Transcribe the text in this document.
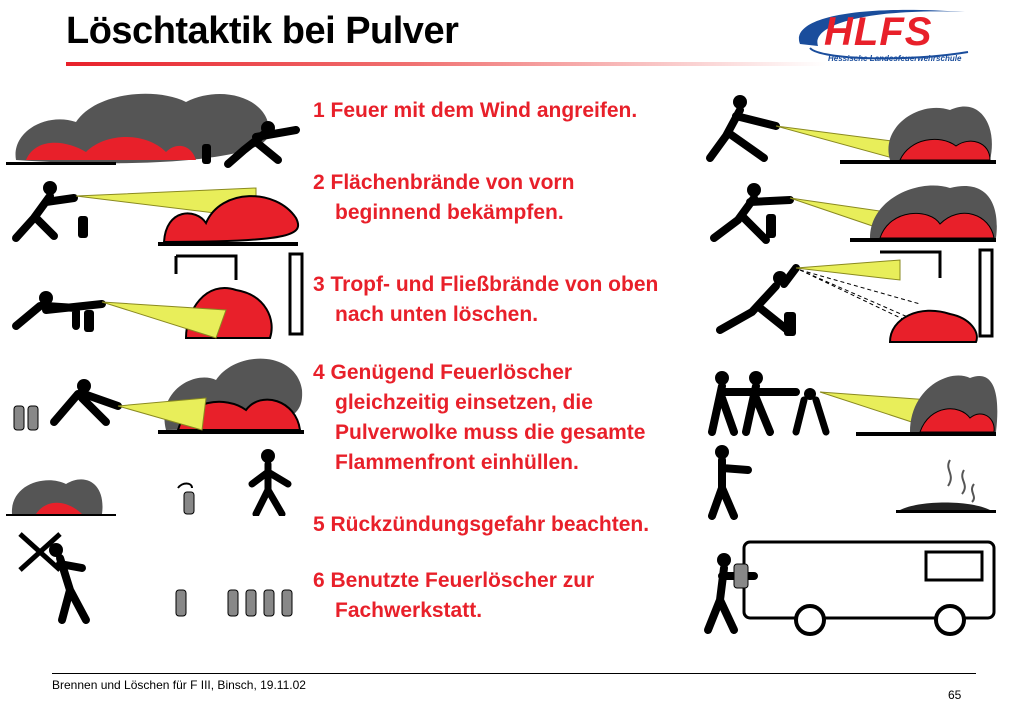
Löschtaktik bei Pulver	HLFS
Hessische Landesfeuerwehrschule
1 Feuer mit dem Wind angreifen.
2 Flächenbrände von vorn
beginnend bekämpfen.
3 Tropf- und Fließbrände von oben
nach unten löschen.
4 Genügend Feuerlöscher
gleichzeitig einsetzen, die
Pulverwolke muss die gesamte
Flammenfront einhüllen.
5 Rückzündungsgefahr beachten.
6 Benutzte Feuerlöscher zur
Fachwerkstatt.
Brennen und Löschen für F III, Binsch, 19.11.02
65
